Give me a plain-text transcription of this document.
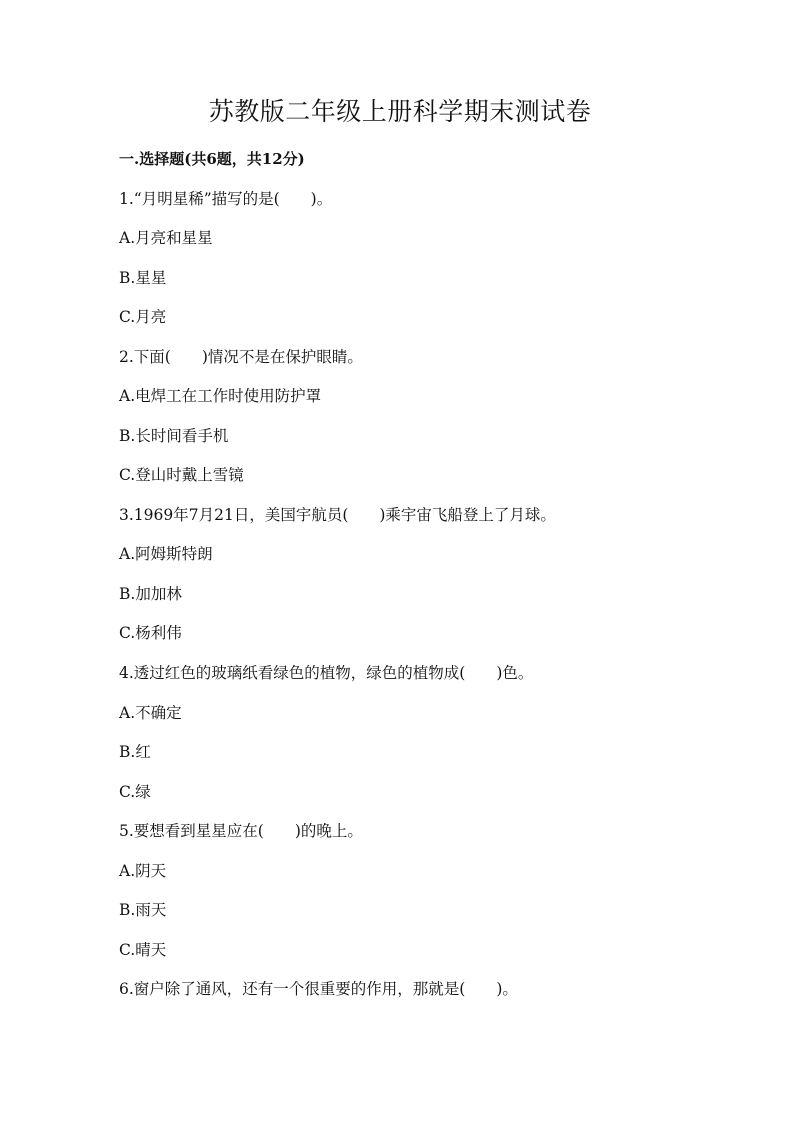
苏教版二年级上册科学期末测试卷
一.选择题(共6题，共12分)
1.“月明星稀”描写的是(　　)。
A.月亮和星星
B.星星
C.月亮
2.下面(　　)情况不是在保护眼睛。
A.电焊工在工作时使用防护罩
B.长时间看手机
C.登山时戴上雪镜
3.1969年7月21日，美国宇航员(　　)乘宇宙飞船登上了月球。
A.阿姆斯特朗
B.加加林
C.杨利伟
4.透过红色的玻璃纸看绿色的植物，绿色的植物成(　　)色。
A.不确定
B.红
C.绿
5.要想看到星星应在(　　)的晚上。
A.阴天
B.雨天
C.晴天
6.窗户除了通风，还有一个很重要的作用，那就是(　　)。
